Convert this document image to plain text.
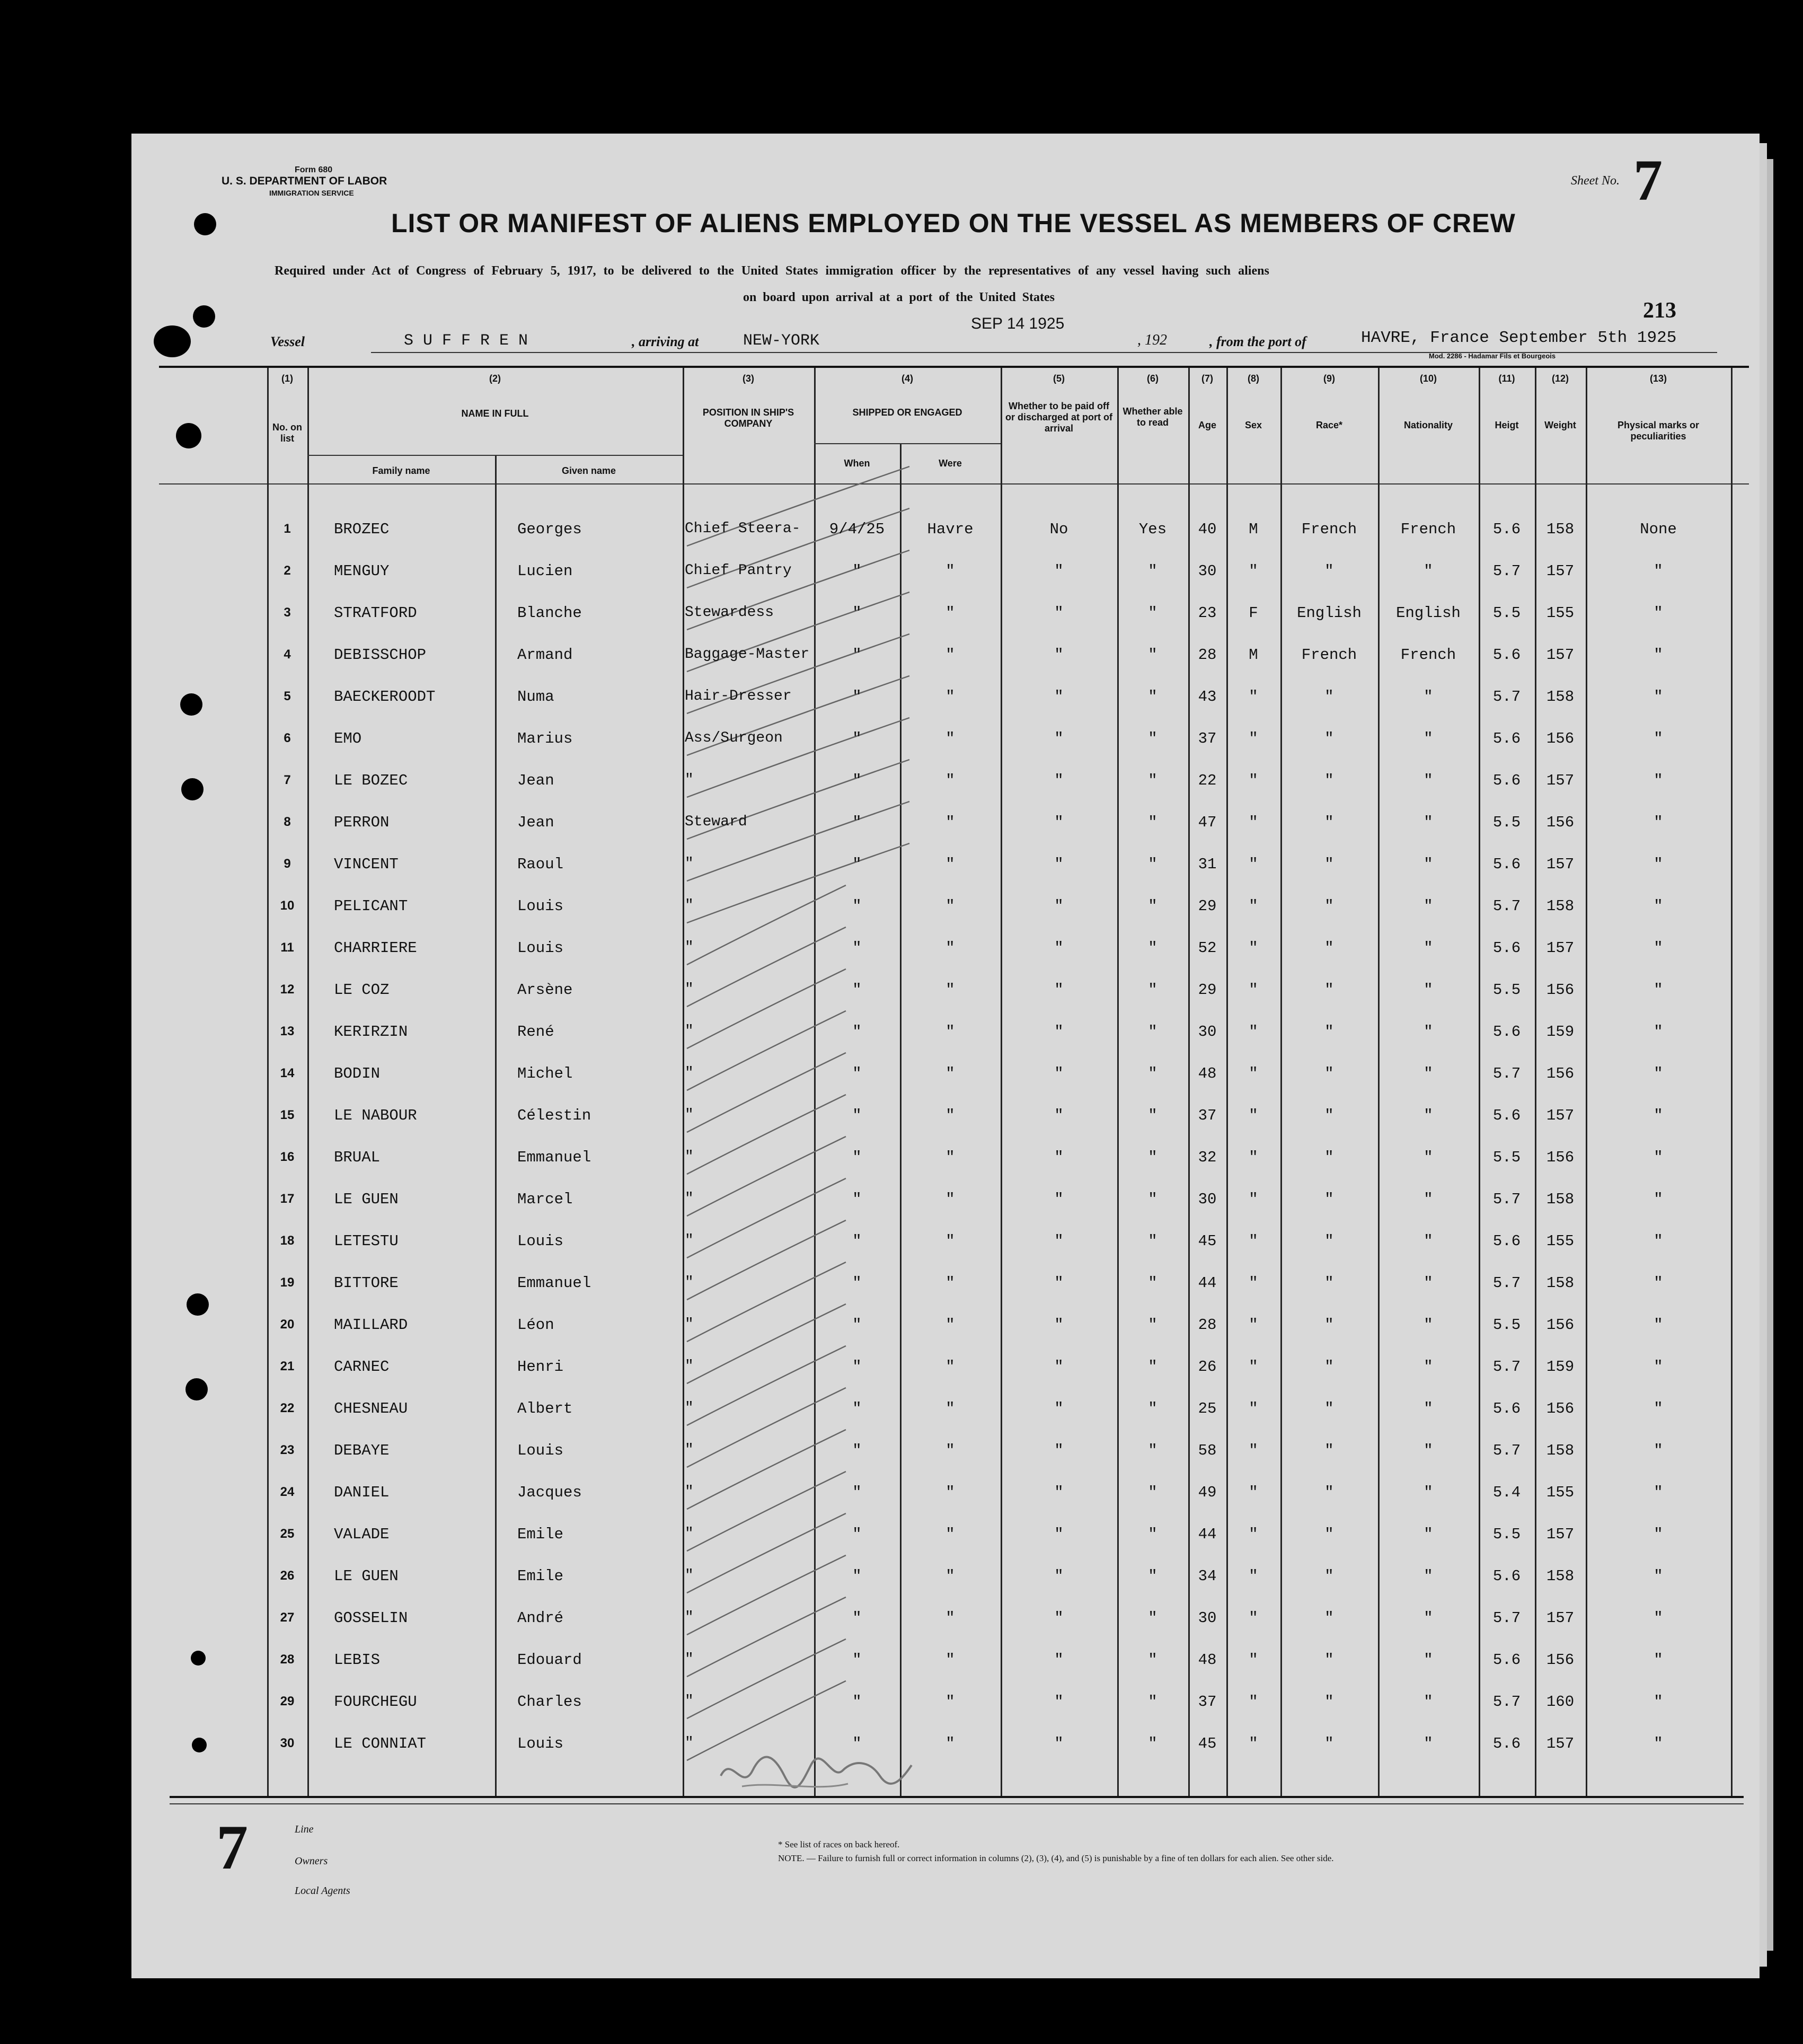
Form 680
U. S. DEPARTMENT OF LABOR
IMMIGRATION SERVICE
Sheet No. 7
LIST OR MANIFEST OF ALIENS EMPLOYED ON THE VESSEL AS MEMBERS OF CREW
Required under Act of Congress of February 5, 1917, to be delivered to the United States immigration officer by the representatives of any vessel having such aliens
on board upon arrival at a port of the United States
SEP 14 1925
213
Vessel	S U F F R E N	, arriving at	NEW-YORK	, 192	, from the port of	HAVRE, France September 5th 1925
Mod. 2286 - Hadamar Fils et Bourgeois
(1)
No. on list
(2)
NAME IN FULL
Family name	Given name
(3)
POSITION IN SHIP'S COMPANY
(4)
SHIPPED OR ENGAGED
When	Were
(5)
Whether to be paid off or discharged at port of arrival
(6)
Whether able to read
(7)
Age
(8)
Sex
(9)
Race*
(10)
Nationality
(11)
Heigt
(12)
Weight
(13)
Physical marks or peculiarities
1	BROZEC	Georges	Chief Steera-	9/4/25	Havre	No	Yes	40	M	French	French	5.6	158	None
2	MENGUY	Lucien	Chief Pantry	"	"	"	"	30	"	"	"	5.7	157	"
3	STRATFORD	Blanche	Stewardess	"	"	"	"	23	F	English	English	5.5	155	"
4	DEBISSCHOP	Armand	Baggage-Master	"	"	"	"	28	M	French	French	5.6	157	"
5	BAECKEROODT	Numa	Hair-Dresser	"	"	"	"	43	"	"	"	5.7	158	"
6	EMO	Marius	Ass/Surgeon	"	"	"	"	37	"	"	"	5.6	156	"
7	LE BOZEC	Jean	"	"	"	"	"	22	"	"	"	5.6	157	"
8	PERRON	Jean	Steward	"	"	"	"	47	"	"	"	5.5	156	"
9	VINCENT	Raoul	"	"	"	"	"	31	"	"	"	5.6	157	"
10	PELICANT	Louis	"	"	"	"	"	29	"	"	"	5.7	158	"
11	CHARRIERE	Louis	"	"	"	"	"	52	"	"	"	5.6	157	"
12	LE COZ	Arsène	"	"	"	"	"	29	"	"	"	5.5	156	"
13	KERIRZIN	René	"	"	"	"	"	30	"	"	"	5.6	159	"
14	BODIN	Michel	"	"	"	"	"	48	"	"	"	5.7	156	"
15	LE NABOUR	Célestin	"	"	"	"	"	37	"	"	"	5.6	157	"
16	BRUAL	Emmanuel	"	"	"	"	"	32	"	"	"	5.5	156	"
17	LE GUEN	Marcel	"	"	"	"	"	30	"	"	"	5.7	158	"
18	LETESTU	Louis	"	"	"	"	"	45	"	"	"	5.6	155	"
19	BITTORE	Emmanuel	"	"	"	"	"	44	"	"	"	5.7	158	"
20	MAILLARD	Léon	"	"	"	"	"	28	"	"	"	5.5	156	"
21	CARNEC	Henri	"	"	"	"	"	26	"	"	"	5.7	159	"
22	CHESNEAU	Albert	"	"	"	"	"	25	"	"	"	5.6	156	"
23	DEBAYE	Louis	"	"	"	"	"	58	"	"	"	5.7	158	"
24	DANIEL	Jacques	"	"	"	"	"	49	"	"	"	5.4	155	"
25	VALADE	Emile	"	"	"	"	"	44	"	"	"	5.5	157	"
26	LE GUEN	Emile	"	"	"	"	"	34	"	"	"	5.6	158	"
27	GOSSELIN	André	"	"	"	"	"	30	"	"	"	5.7	157	"
28	LEBIS	Edouard	"	"	"	"	"	48	"	"	"	5.6	156	"
29	FOURCHEGU	Charles	"	"	"	"	"	37	"	"	"	5.7	160	"
30	LE CONNIAT	Louis	"	"	"	"	"	45	"	"	"	5.6	157	"
7	Line
Owners
Local Agents
* See list of races on back hereof.
NOTE. — Failure to furnish full or correct information in columns (2), (3), (4), and (5) is punishable by a fine of ten dollars for each alien. See other side.
